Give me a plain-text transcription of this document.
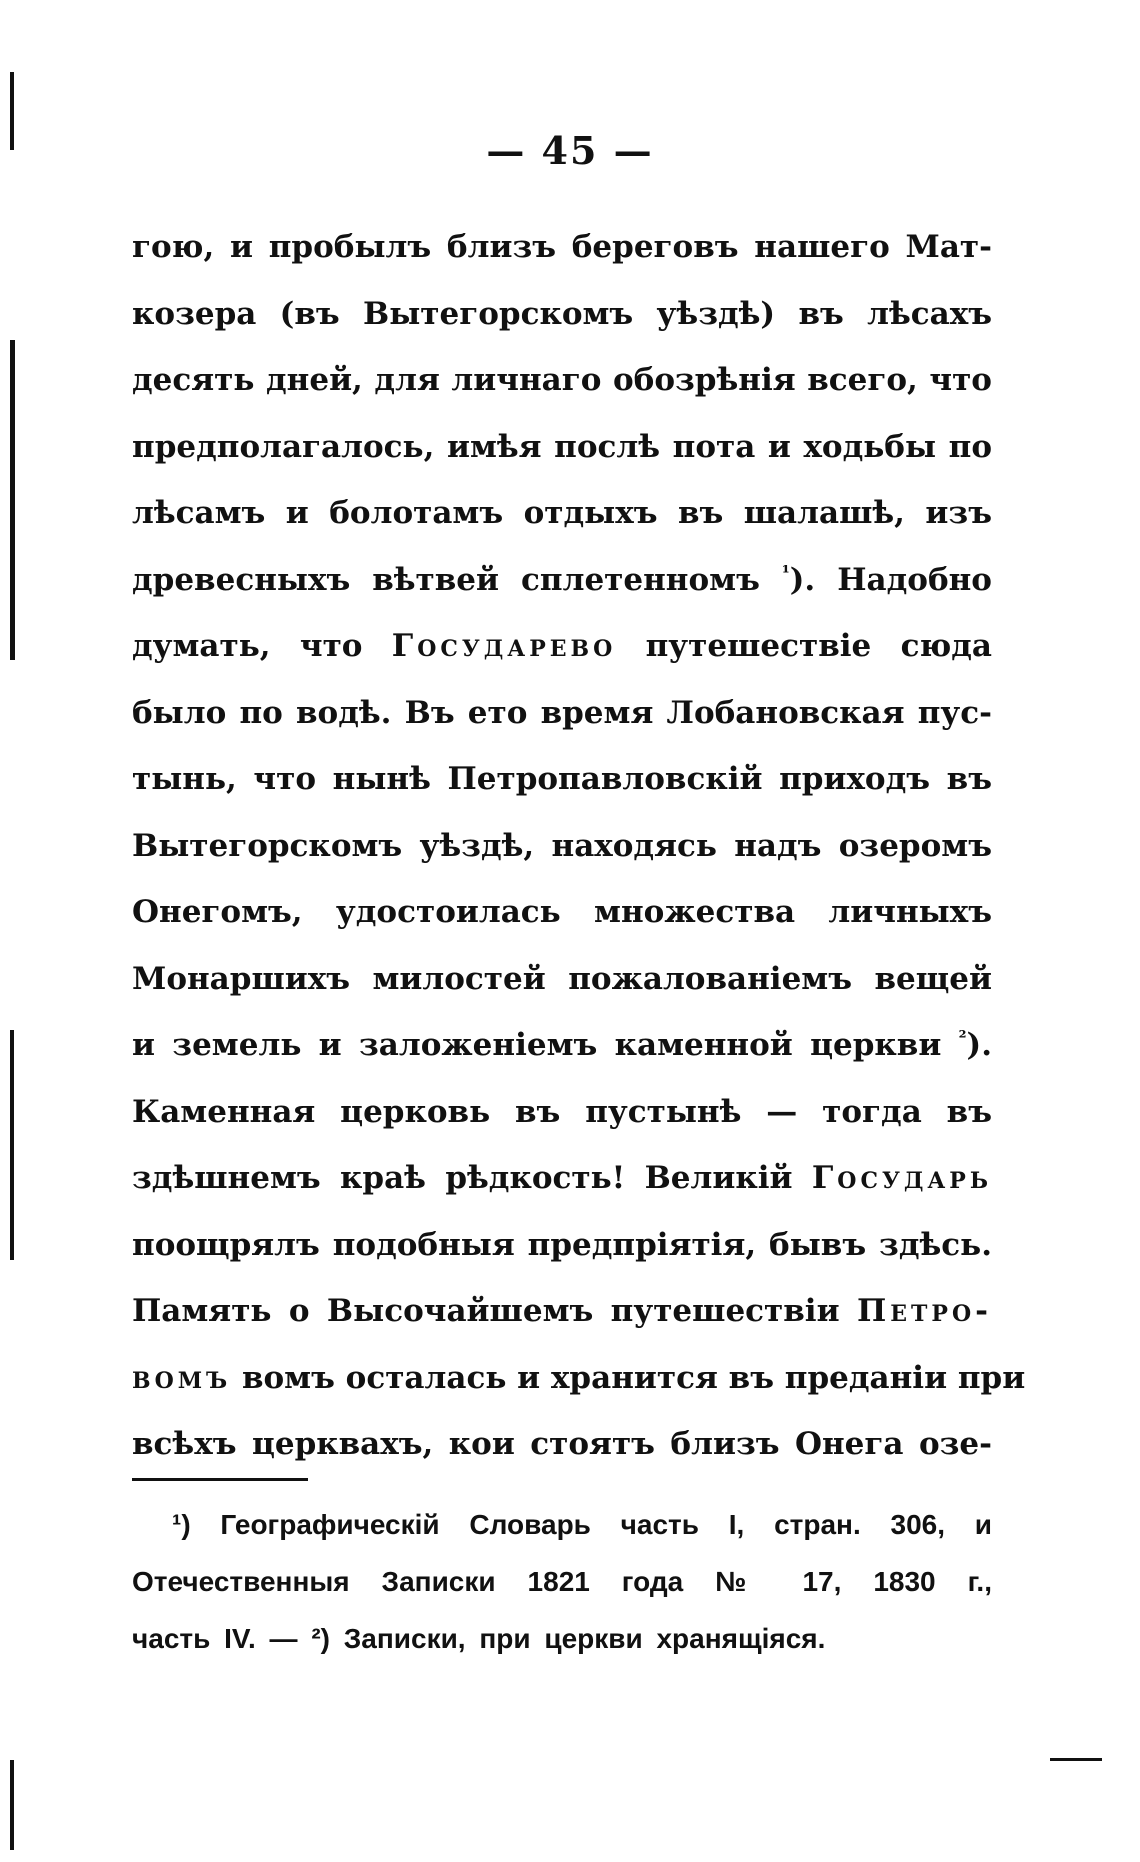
— 45 —
гою, и пробылъ близъ береговъ нашего Мат-
козера (въ Вытегорскомъ уѣздѣ) въ лѣсахъ
десять дней, для личнаго обозрѣнія всего, что
предполагалось, имѣя послѣ пота и ходьбы по
лѣсамъ и болотамъ отдыхъ въ шалашѣ, изъ
древесныхъ вѣтвей сплетенномъ $^{^1}$). Надобно
думать, что Государево путешествіе сюда
было по водѣ. Въ ето время Лобановская пус-
тынь, что нынѣ Петропавловскій приходъ въ
Вытегорскомъ уѣздѣ, находясь надъ озеромъ
Онегомъ, удостоилась множества личныхъ
Монаршихъ милостей пожалованіемъ вещей
и земель и заложеніемъ каменной церкви $^{^2}$).
Каменная церковь въ пустынѣ — тогда въ
здѣшнемъ краѣ рѣдкость! Великій Государь
поощрялъ подобныя предпріятія, бывъ здѣсь.
Память о Высочайшемъ путешествіи Петро-
вомъ вомъ осталась и хранится въ преданіи при
всѣхъ церквахъ, кои стоятъ близъ Онега озе-
¹) Географическій Словарь часть I, стран. 306, и
Отечественныя Записки 1821 года № 17, 1830 г.,
часть IV. — ²) Записки, при церкви хранящіяся.
